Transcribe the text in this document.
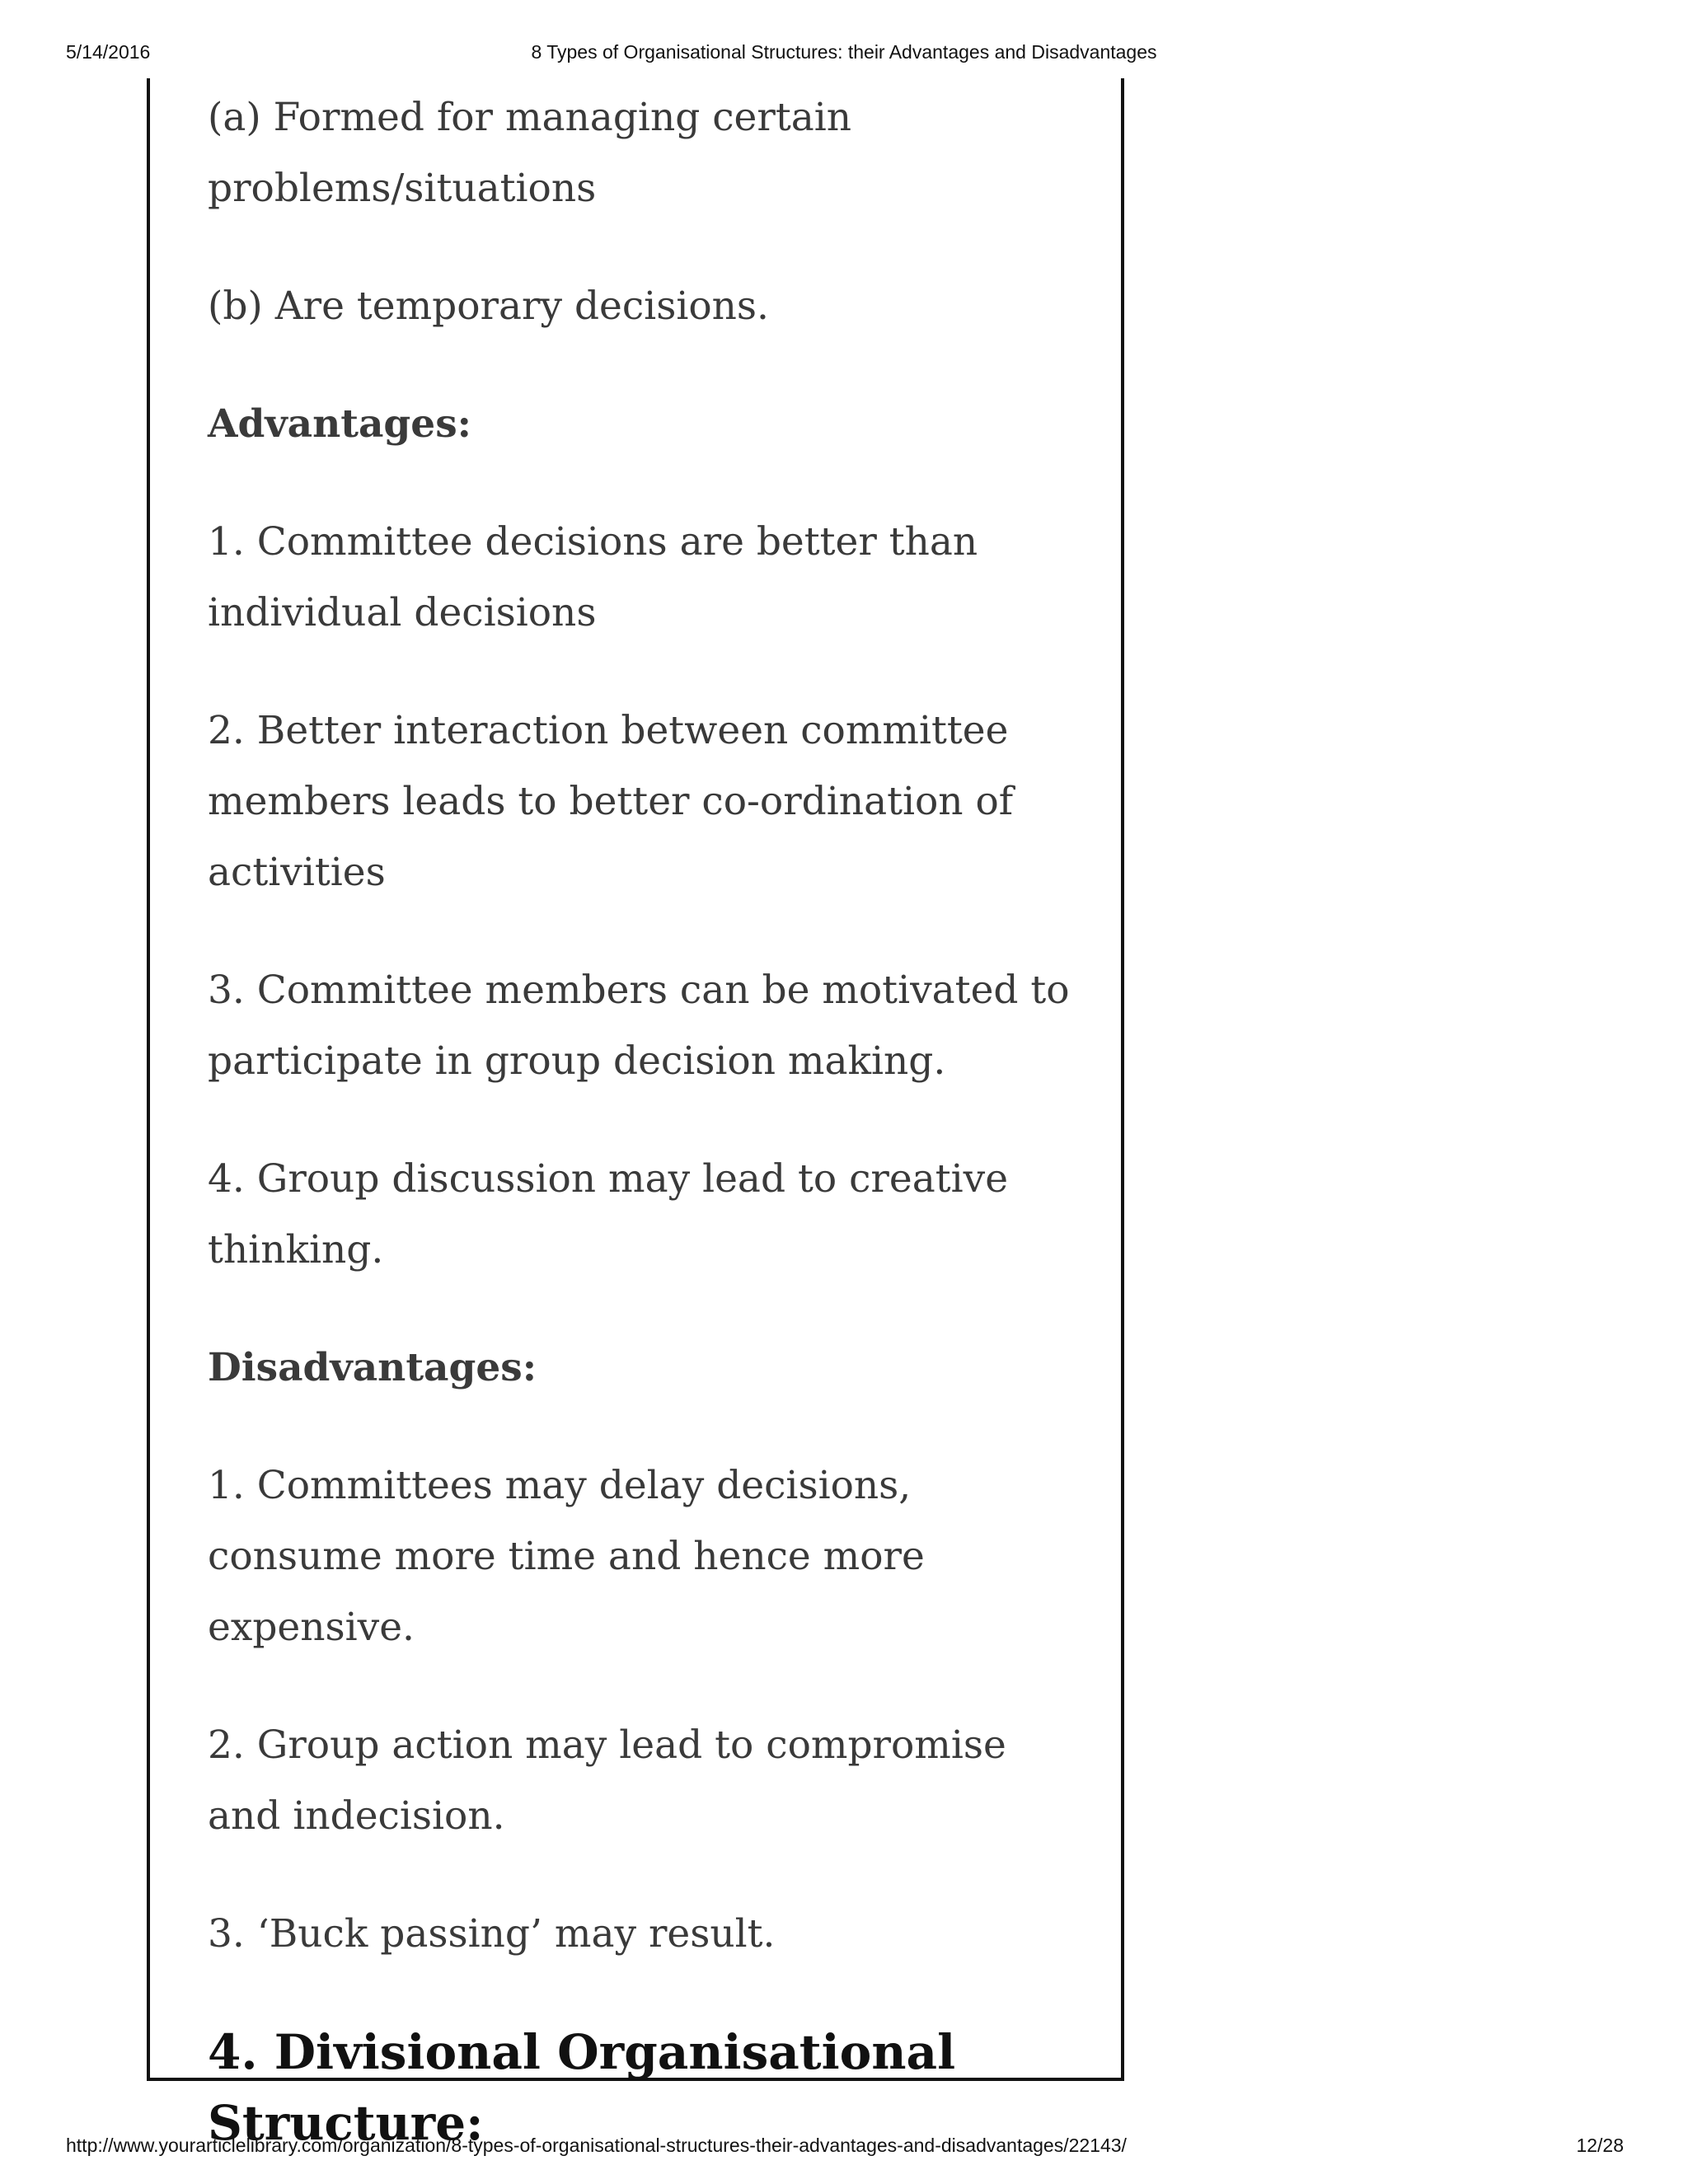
5/14/2016	8 Types of Organisational Structures: their Advantages and Disadvantages

(a) Formed for managing certain problems/situations

(b) Are temporary decisions.

Advantages:

1. Committee decisions are better than individual decisions

2. Better interaction between committee members leads to better co-ordination of activities

3. Committee members can be motivated to participate in group decision making.

4. Group discussion may lead to creative thinking.

Disadvantages:

1. Committees may delay decisions, consume more time and hence more expensive.

2. Group action may lead to compromise and indecision.

3. ‘Buck passing’ may result.

4. Divisional Organisational Structure:
http://www.yourarticlelibrary.com/organization/8-types-of-organisational-structures-their-advantages-and-disadvantages/22143/	12/28
